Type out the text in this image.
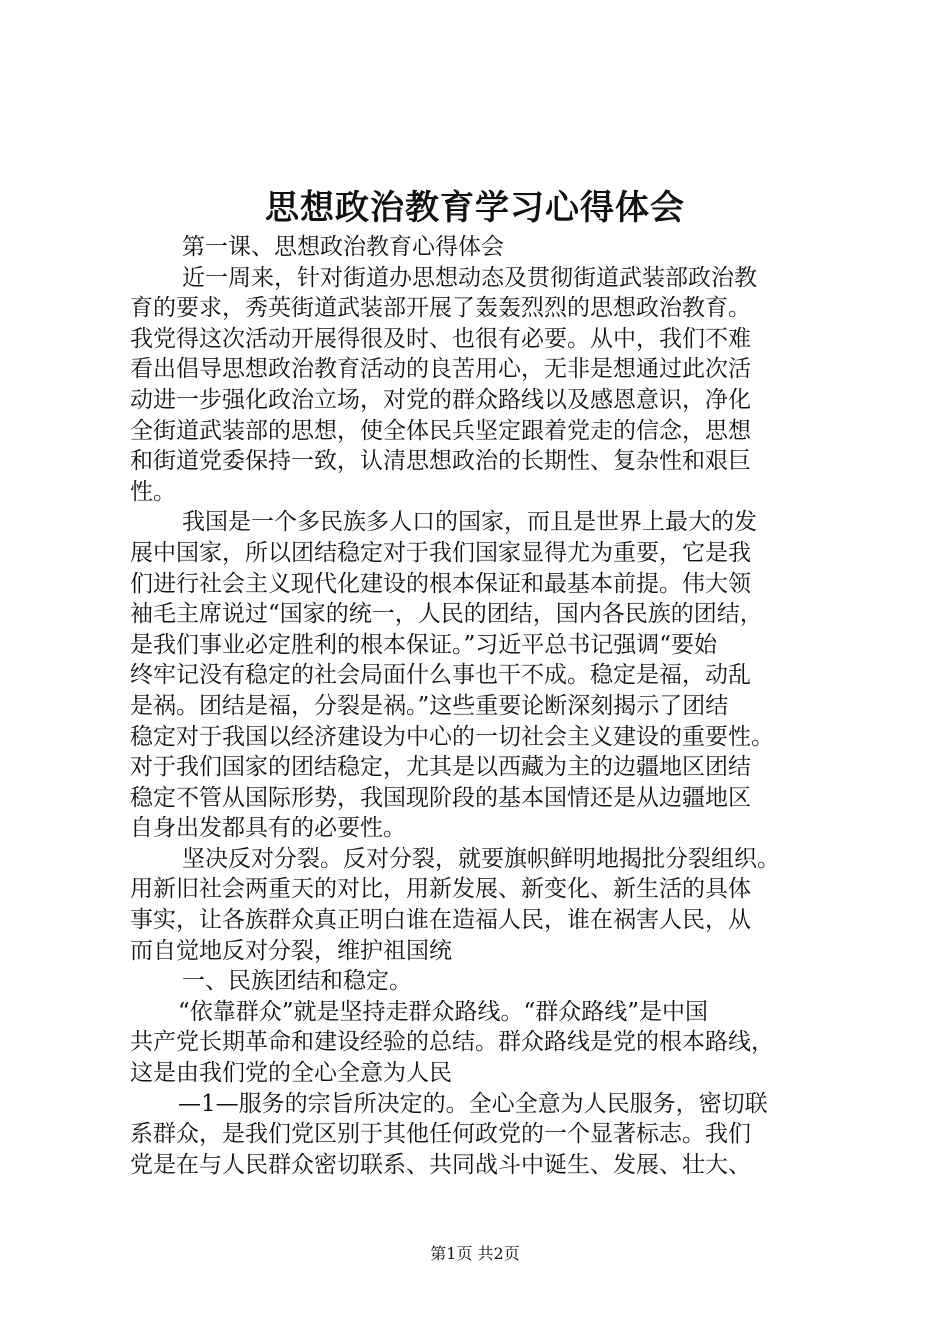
思想政治教育学习心得体会
第一课、思想政治教育心得体会
近一周来，针对街道办思想动态及贯彻街道武装部政治教
育的要求，秀英街道武装部开展了轰轰烈烈的思想政治教育。
我党得这次活动开展得很及时、也很有必要。从中，我们不难
看出倡导思想政治教育活动的良苦用心，无非是想通过此次活
动进一步强化政治立场，对党的群众路线以及感恩意识，净化
全街道武装部的思想，使全体民兵坚定跟着党走的信念，思想
和街道党委保持一致，认清思想政治的长期性、复杂性和艰巨
性。
我国是一个多民族多人口的国家，而且是世界上最大的发
展中国家，所以团结稳定对于我们国家显得尤为重要，它是我
们进行社会主义现代化建设的根本保证和最基本前提。伟大领
袖毛主席说过“国家的统一，人民的团结，国内各民族的团结，
是我们事业必定胜利的根本保证。”习近平总书记强调“要始
终牢记没有稳定的社会局面什么事也干不成。稳定是福，动乱
是祸。团结是福，分裂是祸。”这些重要论断深刻揭示了团结
稳定对于我国以经济建设为中心的一切社会主义建设的重要性。
对于我们国家的团结稳定，尤其是以西藏为主的边疆地区团结
稳定不管从国际形势，我国现阶段的基本国情还是从边疆地区
自身出发都具有的必要性。
坚决反对分裂。反对分裂，就要旗帜鲜明地揭批分裂组织。
用新旧社会两重天的对比，用新发展、新变化、新生活的具体
事实，让各族群众真正明白谁在造福人民，谁在祸害人民，从
而自觉地反对分裂，维护祖国统
一、民族团结和稳定。
“依靠群众”就是坚持走群众路线。“群众路线”是中国
共产党长期革命和建设经验的总结。群众路线是党的根本路线，
这是由我们党的全心全意为人民
—1—服务的宗旨所决定的。全心全意为人民服务，密切联
系群众，是我们党区别于其他任何政党的一个显著标志。我们
党是在与人民群众密切联系、共同战斗中诞生、发展、壮大、
第1页 共2页
